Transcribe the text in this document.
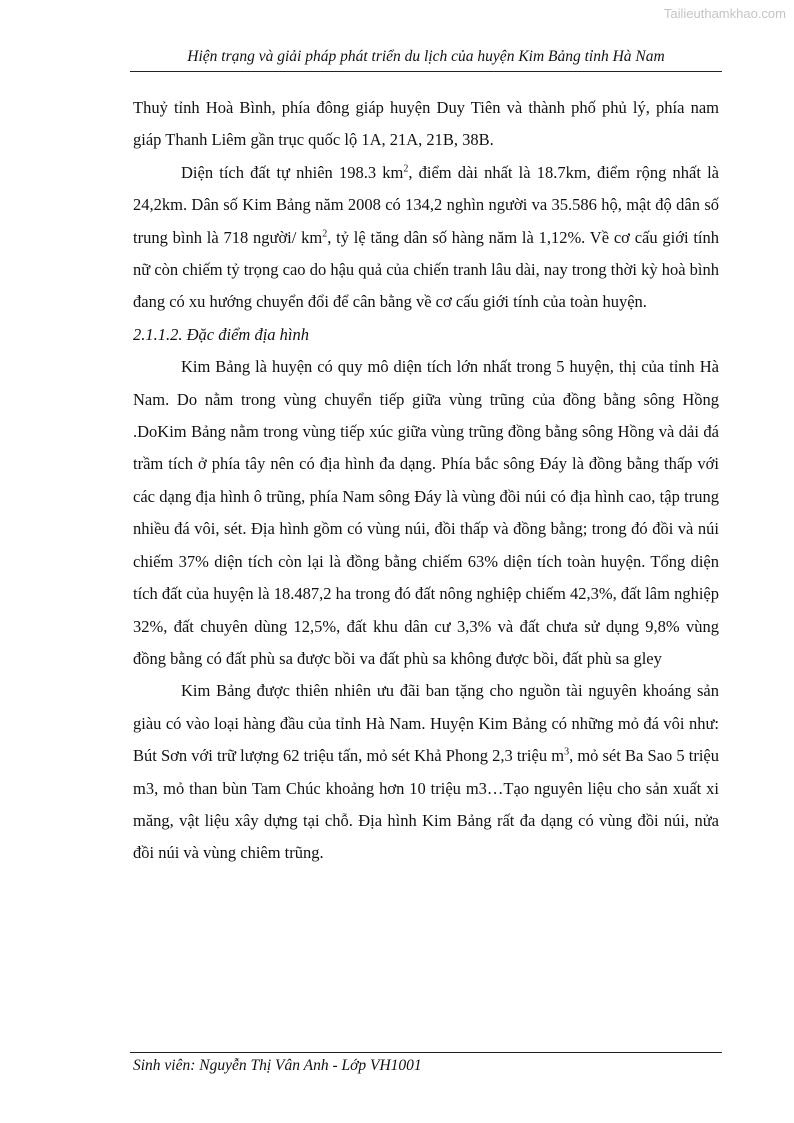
Tailieuthamkhao.com
Hiện trạng và giải pháp phát triển du lịch của huyện Kim Bảng tỉnh Hà Nam

Thuỷ tỉnh Hoà Bình, phía đông giáp huyện Duy Tiên và thành phố phủ lý, phía nam giáp Thanh Liêm gần trục quốc lộ 1A, 21A, 21B, 38B.

Diện tích đất tự nhiên 198.3 $km^2$, điểm dài nhất là 18.7km, điểm rộng nhất là 24,2km. Dân số Kim Bảng năm 2008 có 134,2 nghìn người va 35.586 hộ, mật độ dân số trung bình là 718 người/ $km^2$, tỷ lệ tăng dân số hàng năm là 1,12%. Về cơ cấu giới tính nữ còn chiếm tỷ trọng cao do hậu quả của chiến tranh lâu dài, nay trong thời kỳ hoà bình đang có xu hướng chuyển đổi để cân bằng về cơ cấu giới tính của toàn huyện.

2.1.1.2. Đặc điểm địa hình

Kim Bảng là huyện có quy mô diện tích lớn nhất trong 5 huyện, thị của tỉnh Hà Nam. Do nằm trong vùng chuyển tiếp giữa vùng trũng của đồng bằng sông Hồng .DoKim Bảng nằm trong vùng tiếp xúc giữa vùng trũng đồng bằng sông Hồng và dải đá trầm tích ở phía tây nên có địa hình đa dạng. Phía bắc sông Đáy là đồng bằng thấp với các dạng địa hình ô trũng, phía Nam sông Đáy là vùng đồi núi có địa hình cao, tập trung nhiều đá vôi, sét. Địa hình gồm có vùng núi, đồi thấp và đồng bằng; trong đó đồi và núi chiếm 37% diện tích còn lại là đồng bằng chiếm 63% diện tích toàn huyện. Tổng diện tích đất của huyện là 18.487,2 ha trong đó đất nông nghiệp chiếm 42,3%, đất lâm nghiệp 32%, đất chuyên dùng 12,5%, đất khu dân cư 3,3% và đất chưa sử dụng 9,8% vùng đồng bằng có đất phù sa được bồi va đất phù sa không được bồi, đất phù sa gley

Kim Bảng được thiên nhiên ưu đãi ban tặng cho nguồn tài nguyên khoáng sản giàu có vào loại hàng đầu của tỉnh Hà Nam. Huyện Kim Bảng có những mỏ đá vôi như: Bút Sơn với trữ lượng 62 triệu tấn, mỏ sét Khả Phong 2,3 triệu $m^3$, mỏ sét Ba Sao 5 triệu m3, mỏ than bùn Tam Chúc khoảng hơn 10 triệu m3…Tạo nguyên liệu cho sản xuất xi măng, vật liệu xây dựng tại chỗ. Địa hình Kim Bảng rất đa dạng có vùng đồi núi, nửa đồi núi và vùng chiêm trũng.

Sinh viên: Nguyễn Thị Vân Anh - Lớp VH1001
